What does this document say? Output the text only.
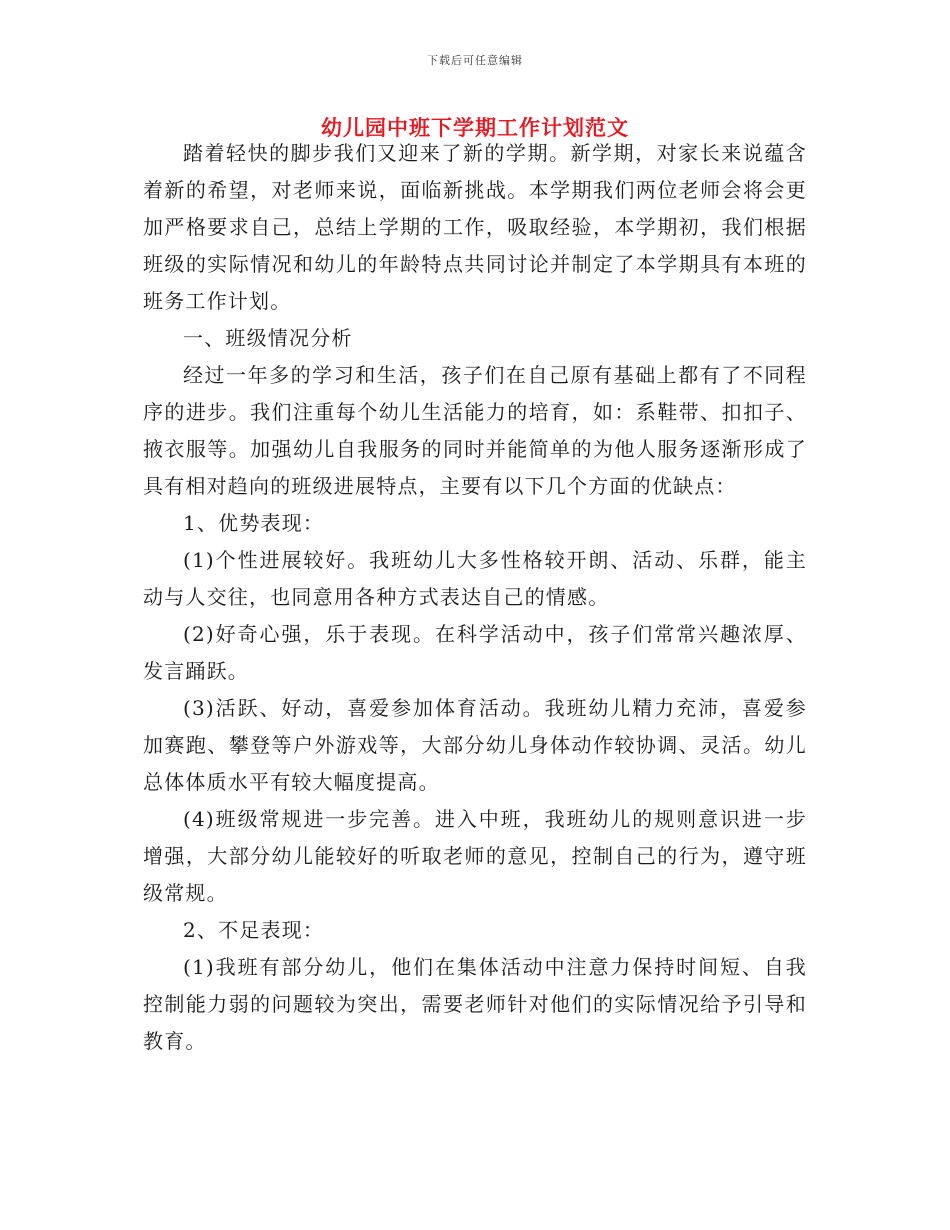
下载后可任意编辑
幼儿园中班下学期工作计划范文

踏着轻快的脚步我们又迎来了新的学期。新学期，对家长来说蕴含着新的希望，对老师来说，面临新挑战。本学期我们两位老师会将会更加严格要求自己，总结上学期的工作，吸取经验，本学期初，我们根据班级的实际情况和幼儿的年龄特点共同讨论并制定了本学期具有本班的班务工作计划。

一、班级情况分析

经过一年多的学习和生活，孩子们在自己原有基础上都有了不同程序的进步。我们注重每个幼儿生活能力的培育，如：系鞋带、扣扣子、掖衣服等。加强幼儿自我服务的同时并能简单的为他人服务逐渐形成了具有相对趋向的班级进展特点，主要有以下几个方面的优缺点：

1、优势表现：

(1)个性进展较好。我班幼儿大多性格较开朗、活动、乐群，能主动与人交往，也同意用各种方式表达自己的情感。

(2)好奇心强，乐于表现。在科学活动中，孩子们常常兴趣浓厚、发言踊跃。

(3)活跃、好动，喜爱参加体育活动。我班幼儿精力充沛，喜爱参加赛跑、攀登等户外游戏等，大部分幼儿身体动作较协调、灵活。幼儿总体体质水平有较大幅度提高。

(4)班级常规进一步完善。进入中班，我班幼儿的规则意识进一步增强，大部分幼儿能较好的听取老师的意见，控制自己的行为，遵守班级常规。

2、不足表现：

(1)我班有部分幼儿，他们在集体活动中注意力保持时间短、自我控制能力弱的问题较为突出，需要老师针对他们的实际情况给予引导和教育。
